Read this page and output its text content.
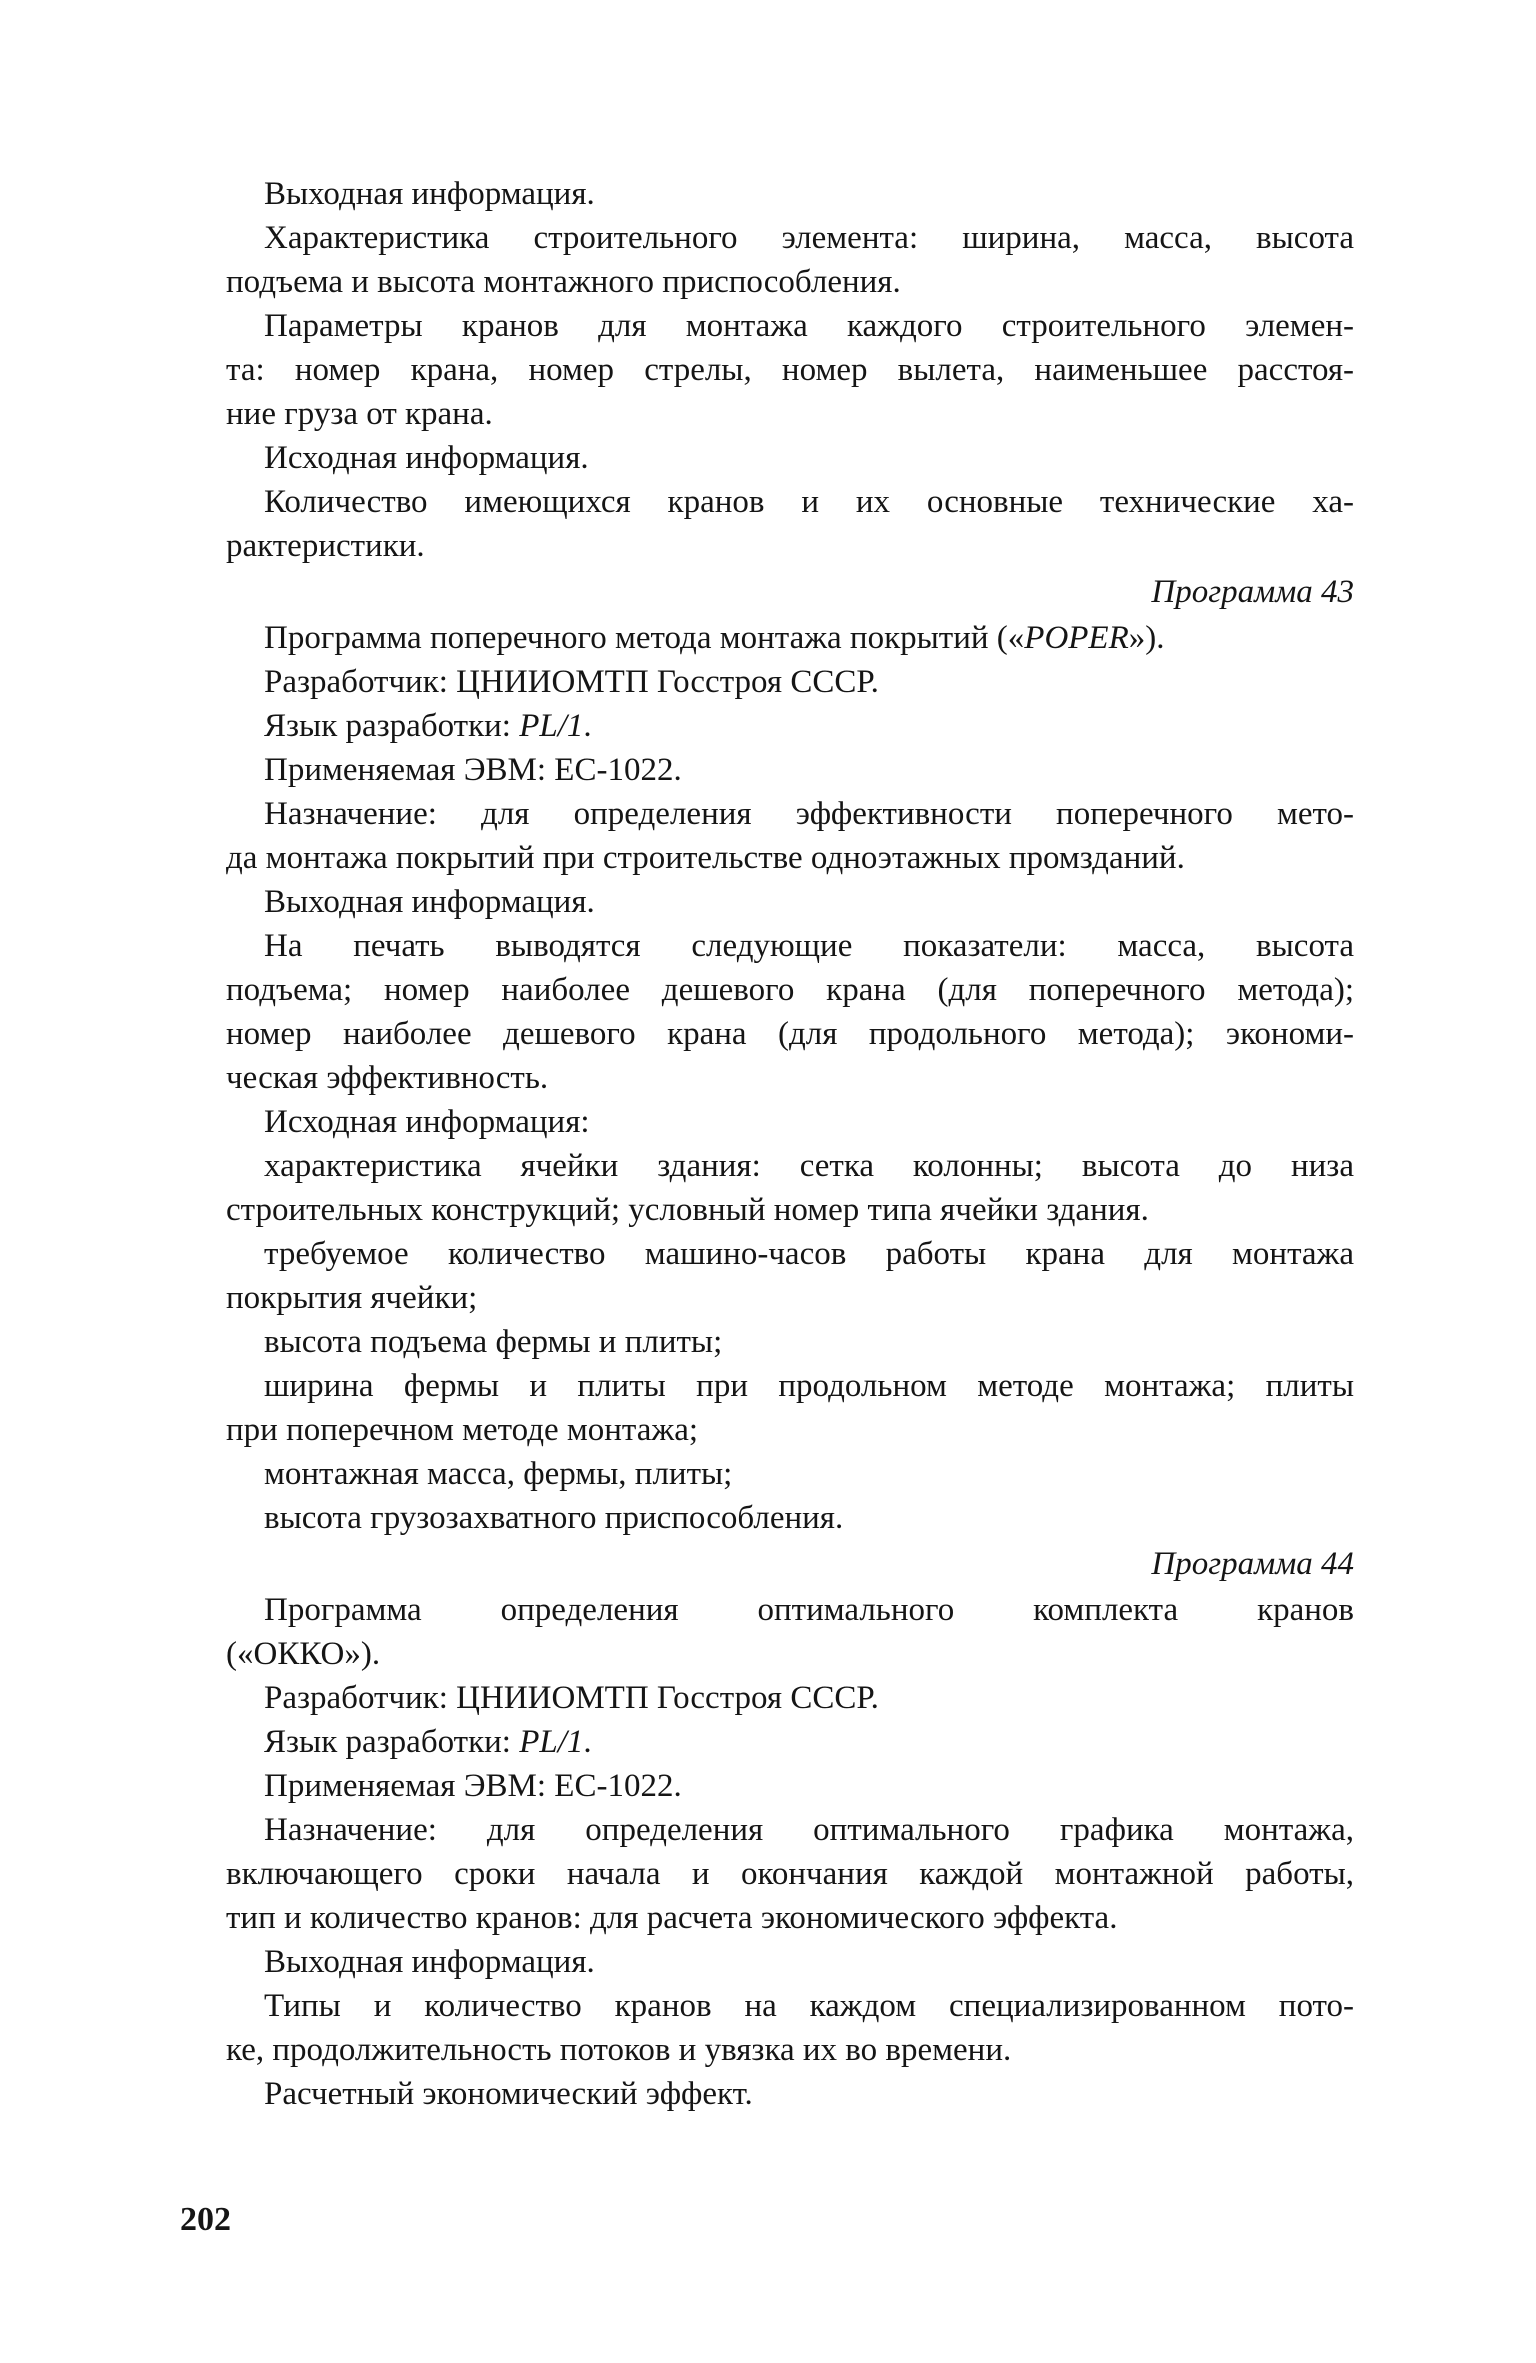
Выходная информация.
Характеристика строительного элемента: ширина, масса, высота
подъема и высота монтажного приспособления.
Параметры кранов для монтажа каждого строительного элемен-
та: номер крана, номер стрелы, номер вылета, наименьшее расстоя-
ние груза от крана.
Исходная информация.
Количество имеющихся кранов и их основные технические ха-
рактеристики.
Программа 43
Программа поперечного метода монтажа покрытий («POPER»).
Разработчик: ЦНИИОМТП Госстроя СССР.
Язык разработки: PL/1.
Применяемая ЭВМ: ЕС-1022.
Назначение: для определения эффективности поперечного мето-
да монтажа покрытий при строительстве одноэтажных промзданий.
Выходная информация.
На печать выводятся следующие показатели: масса, высота
подъема; номер наиболее дешевого крана (для поперечного метода);
номер наиболее дешевого крана (для продольного метода); экономи-
ческая эффективность.
Исходная информация:
характеристика ячейки здания: сетка колонны; высота до низа
строительных конструкций; условный номер типа ячейки здания.
требуемое количество машино-часов работы крана для монтажа
покрытия ячейки;
высота подъема фермы и плиты;
ширина фермы и плиты при продольном методе монтажа; плиты
при поперечном методе монтажа;
монтажная масса, фермы, плиты;
высота грузозахватного приспособления.
Программа 44
Программа определения оптимального комплекта кранов
(«ОККО»).
Разработчик: ЦНИИОМТП Госстроя СССР.
Язык разработки: PL/1.
Применяемая ЭВМ: ЕС-1022.
Назначение: для определения оптимального графика монтажа,
включающего сроки начала и окончания каждой монтажной работы,
тип и количество кранов: для расчета экономического эффекта.
Выходная информация.
Типы и количество кранов на каждом специализированном пото-
ке, продолжительность потоков и увязка их во времени.
Расчетный экономический эффект.
202
